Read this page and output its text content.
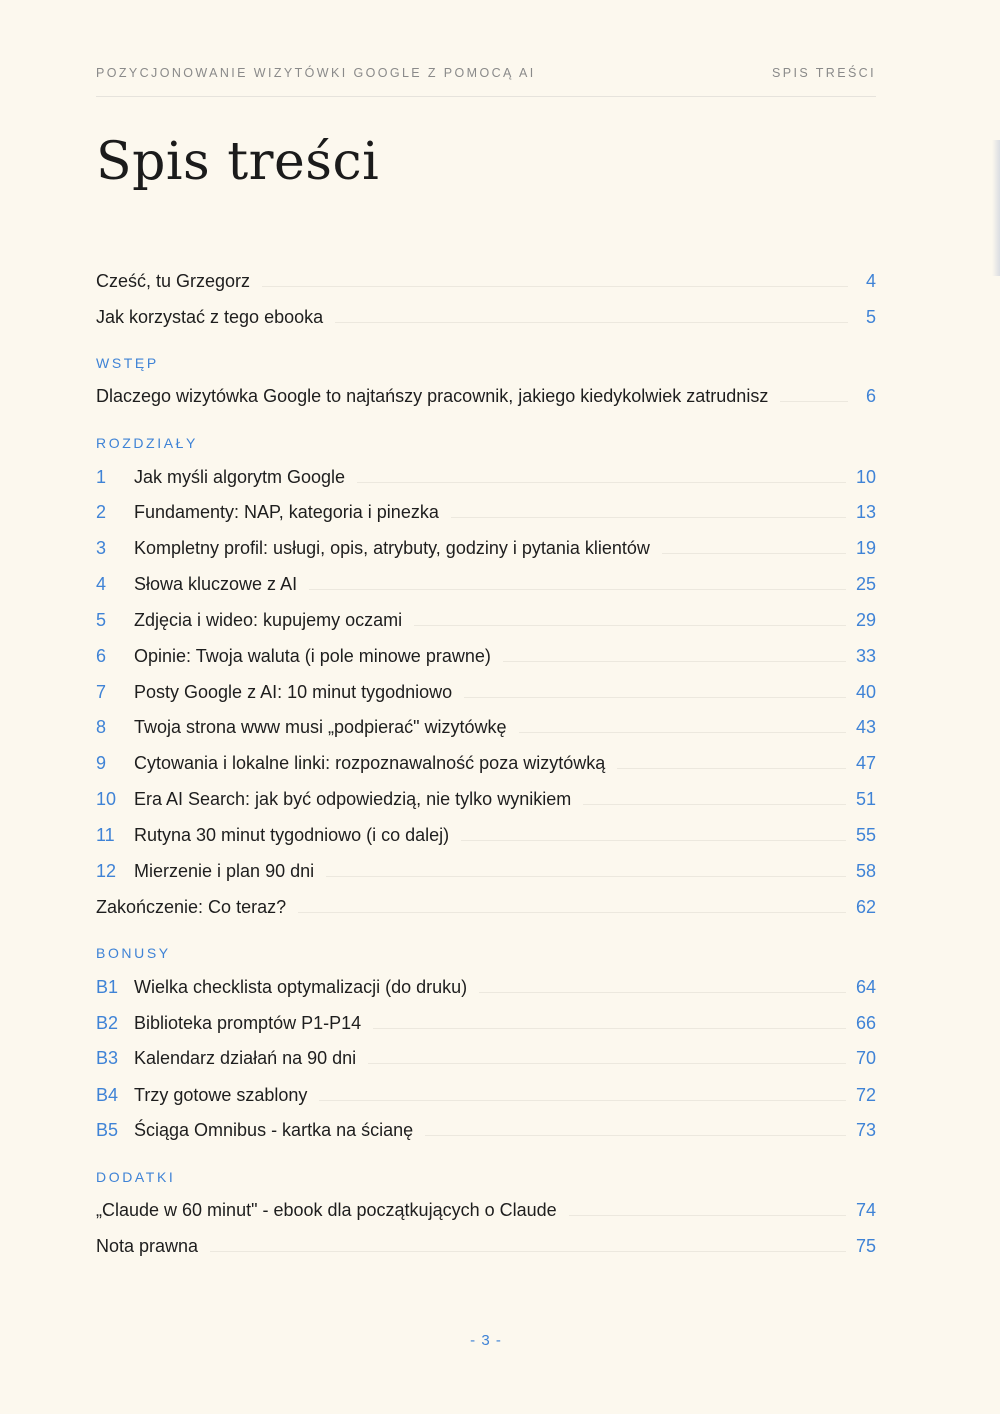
POZYCJONOWANIE WIZYTÓWKI GOOGLE Z POMOCĄ AI	SPIS TREŚCI
Spis treści
Cześć, tu Grzegorz	4
Jak korzystać z tego ebooka	5
WSTĘP
Dlaczego wizytówka Google to najtańszy pracownik, jakiego kiedykolwiek zatrudnisz	6
ROZDZIAŁY
1	Jak myśli algorytm Google	10
2	Fundamenty: NAP, kategoria i pinezka	13
3	Kompletny profil: usługi, opis, atrybuty, godziny i pytania klientów	19
4	Słowa kluczowe z AI	25
5	Zdjęcia i wideo: kupujemy oczami	29
6	Opinie: Twoja waluta (i pole minowe prawne)	33
7	Posty Google z AI: 10 minut tygodniowo	40
8	Twoja strona www musi „podpierać" wizytówkę	43
9	Cytowania i lokalne linki: rozpoznawalność poza wizytówką	47
10 Era AI Search: jak być odpowiedzią, nie tylko wynikiem	51
11	Rutyna 30 minut tygodniowo (i co dalej)	55
12 Mierzenie i plan 90 dni	58
Zakończenie: Co teraz?	62
BONUSY
B1 Wielka checklista optymalizacji (do druku)	64
B2 Biblioteka promptów P1-P14	66
B3 Kalendarz działań na 90 dni	70
B4 Trzy gotowe szablony	72
B5 Ściąga Omnibus - kartka na ścianę	73
DODATKI
„Claude w 60 minut" - ebook dla początkujących o Claude	74
Nota prawna	75
- 3 -
